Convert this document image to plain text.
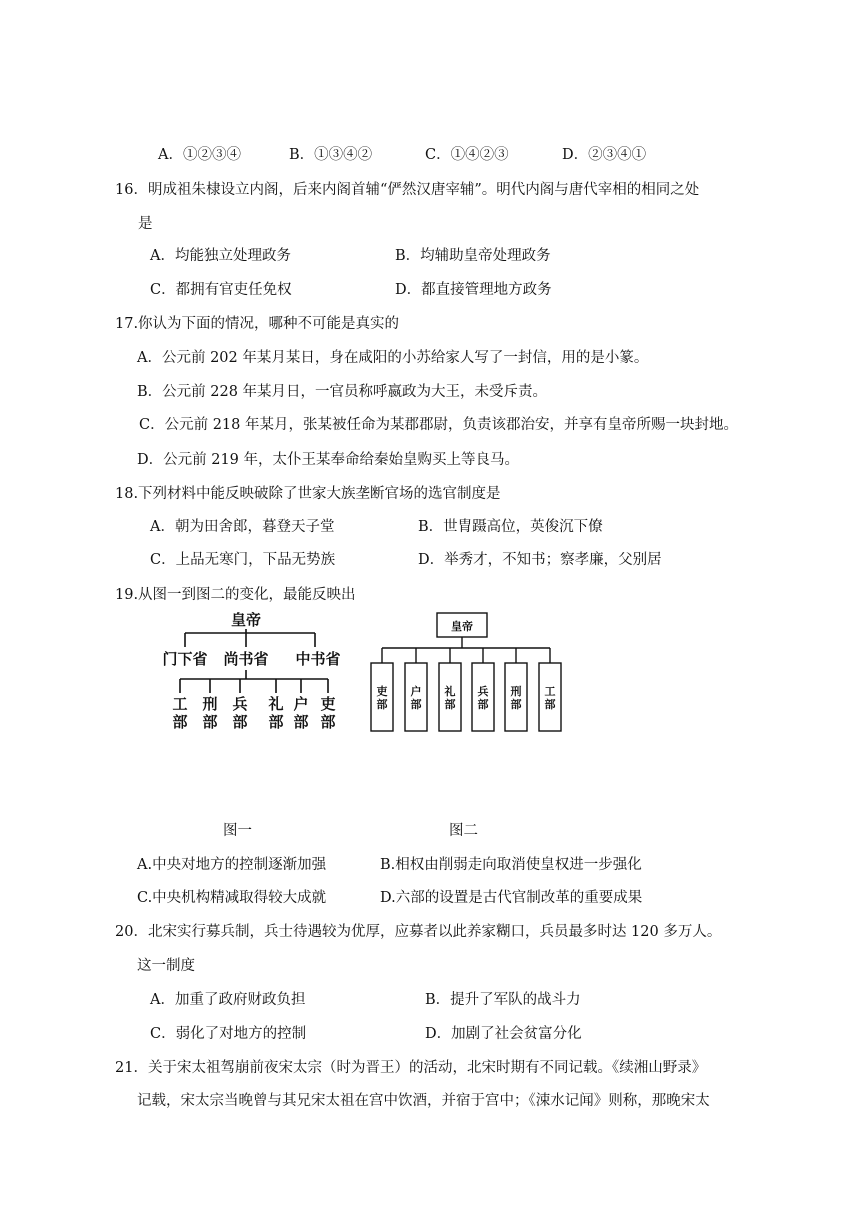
A．①②③④	B．①③④②	C．①④②③	D．②③④①
16．明成祖朱棣设立内阁，后来内阁首辅“俨然汉唐宰辅”。明代内阁与唐代宰相的相同之处
是
A．均能独立处理政务	B．均辅助皇帝处理政务
C．都拥有官吏任免权	D．都直接管理地方政务
17.你认为下面的情况，哪种不可能是真实的
A．公元前 202 年某月某日，身在咸阳的小苏给家人写了一封信，用的是小篆。
B．公元前 228 年某月日，一官员称呼嬴政为大王，未受斥责。
C．公元前 218 年某月，张某被任命为某郡郡尉，负责该郡治安，并享有皇帝所赐一块封地。
D．公元前 219 年，太仆王某奉命给秦始皇购买上等良马。
18.下列材料中能反映破除了世家大族垄断官场的选官制度是
A．朝为田舍郎，暮登天子堂	B．世胄蹑高位，英俊沉下僚
C．上品无寒门，下品无势族	D．举秀才，不知书；察孝廉，父别居
19.从图一到图二的变化，最能反映出
皇帝
门下省 尚书省 中书省
工部
刑部
兵部
礼部
户部
吏部
皇帝
吏部
户部
礼部
兵部
刑部
工部
图一	图二
A.中央对地方的控制逐渐加强	B.相权由削弱走向取消使皇权进一步强化
C.中央机构精减取得较大成就	D.六部的设置是古代官制改革的重要成果
20．北宋实行募兵制，兵士待遇较为优厚，应募者以此养家糊口，兵员最多时达 120 多万人。
这一制度
A．加重了政府财政负担	B．提升了军队的战斗力
C．弱化了对地方的控制	D．加剧了社会贫富分化
21．关于宋太祖驾崩前夜宋太宗（时为晋王）的活动，北宋时期有不同记载。《续湘山野录》
记载，宋太宗当晚曾与其兄宋太祖在宫中饮酒，并宿于宫中；《涑水记闻》则称，那晚宋太
